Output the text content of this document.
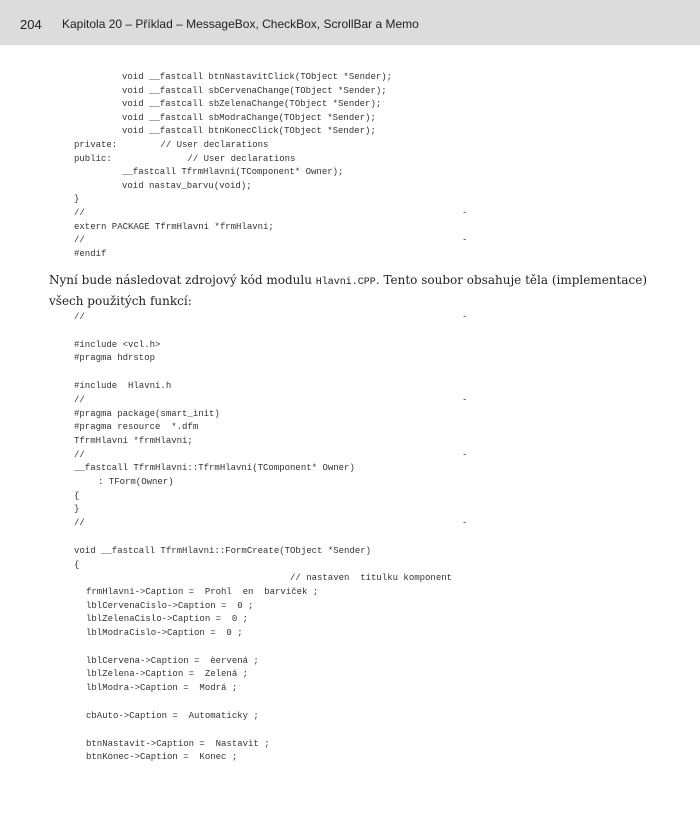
204 Kapitola 20 – Příklad – MessageBox, CheckBox, ScrollBar a Memo
void __fastcall btnNastavitClick(TObject *Sender);
void __fastcall sbCervenaChange(TObject *Sender);
void __fastcall sbZelenaChange(TObject *Sender);
void __fastcall sbModraChange(TObject *Sender);
void __fastcall btnKonecClick(TObject *Sender);
private:        // User declarations
public:              // User declarations
__fastcall TfrmHlavni(TComponent* Owner);
void nastav_barvu(void);
}
//	-
extern PACKAGE TfrmHlavni *frmHlavni;
//	-
#endif
Nyní bude následovat zdrojový kód modulu Hlavni.CPP. Tento soubor obsahuje těla (implementace) všech použitých funkcí:
//	-
#include <vcl.h>
#pragma hdrstop
#include  Hlavni.h
//	-
#pragma package(smart_init)
#pragma resource  *.dfm
TfrmHlavni *frmHlavni;
//	-
__fastcall TfrmHlavni::TfrmHlavni(TComponent* Owner)
: TForm(Owner)
{
}
//	-
void __fastcall TfrmHlavni::FormCreate(TObject *Sender)
{
// nastaven  titulku komponent
frmHlavni->Caption =  Prohl  en  barviček ;
lblCervenaCislo->Caption =  0 ;
lblZelenaCislo->Caption =  0 ;
lblModraCislo->Caption =  0 ;
lblCervena->Caption =  èervená ;
lblZelena->Caption =  Zelená ;
lblModra->Caption =  Modrá ;
cbAuto->Caption =  Automaticky ;
btnNastavit->Caption =  Nastavit ;
btnKonec->Caption =  Konec ;
